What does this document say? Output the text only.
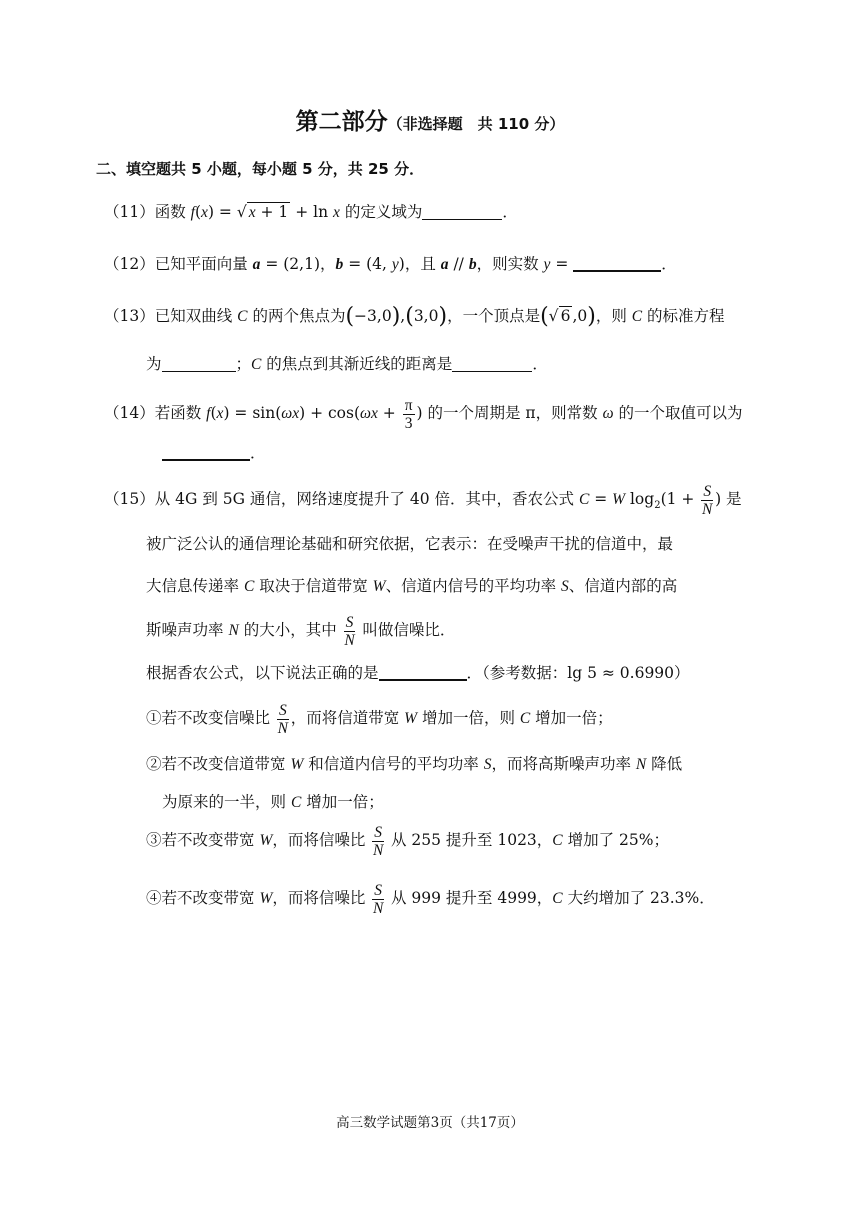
第二部分（非选择题　共 110 分）
二、填空题共 5 小题，每小题 5 分，共 25 分．
（11）函数 f(x) = √ x + 1 + ln x 的定义域为	．
（12）已知平面向量 a = (2,1)，b = (4, y)，且 a // b，则实数 y =	．
（13）已知双曲线 C 的两个焦点为(−3,0),(3,0)，一个顶点是(√ 6 ,0)，则 C 的标准方程
为	；C 的焦点到其渐近线的距离是	．
（14）若函数 $f(x) = \sin(\omega x) + \cos(\omega x + \frac{\pi}{3}$ ) 的一个周期是 π，则常数 ω 的一个取值可以为
．
（15）从 4G 到 5G 通信，网络速度提升了 40 倍．其中，香农公式 C = W $\log_2(1 + \frac{S}{N}$ ) 是
被广泛公认的通信理论基础和研究依据，它表示：在受噪声干扰的信道中，最
大信息传递率 C 取决于信道带宽 W、信道内信号的平均功率 S、信道内部的高
斯噪声功率 N 的大小，其中 $\frac{S}{N}$ 叫做信噪比．
根据香农公式，以下说法正确的是	．（参考数据：lg 5 ≈ 0.6990）
①若不改变信噪比 $\frac{S}{N}$ ，而将信道带宽 W 增加一倍，则 C 增加一倍；
②若不改变信道带宽 W 和信道内信号的平均功率 S，而将高斯噪声功率 N 降低
为原来的一半，则 C 增加一倍；
③若不改变带宽 W，而将信噪比 $\frac{S}{N}$ 从 255 提升至 1023，C 增加了 25%；
④若不改变带宽 W，而将信噪比 $\frac{S}{N}$ 从 999 提升至 4999，C 大约增加了 23.3%．
高三数学试题第3页（共17页）
